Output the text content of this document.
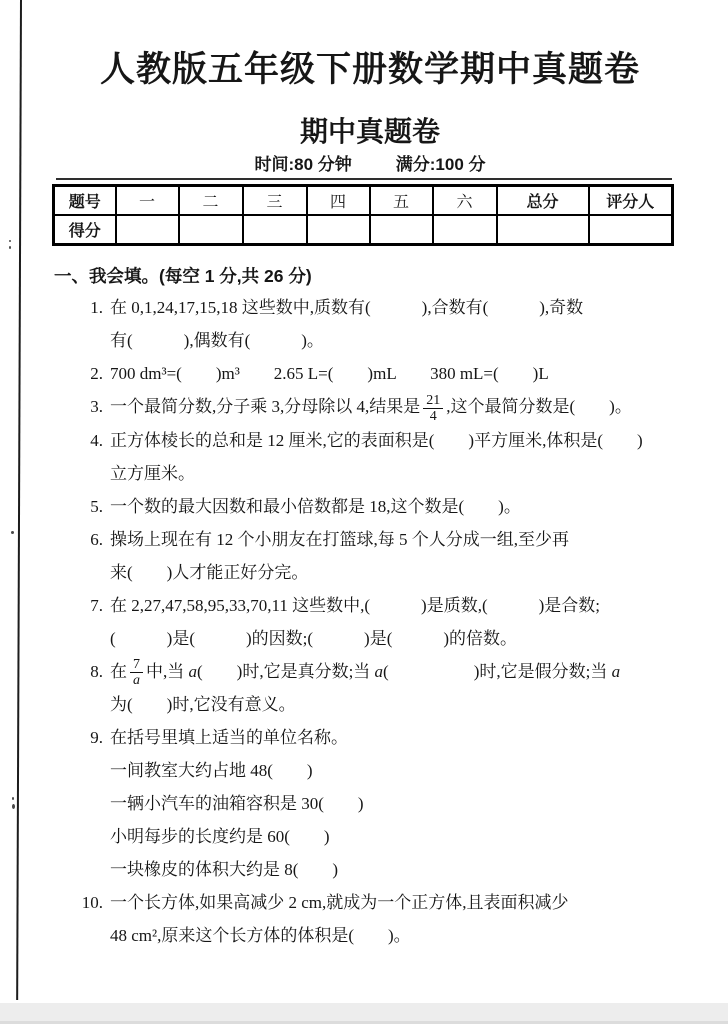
人教版五年级下册数学期中真题卷
期中真题卷
时间:80 分钟	满分:100 分
题号	一	二	三	四	五	六	总分	评分人
得分								
一、我会填。(每空 1 分,共 26 分)
1. 在 0,1,24,17,15,18 这些数中,质数有(　　　),合数有(　　　),奇数
有(　　　),偶数有(　　　)。
2. 700 dm³=(　　)m³　　2.65 L=(　　)mL　　380 mL=(　　)L
3. 一个最简分数,分子乘 3,分母除以 4,结果是 $\frac{21}{4}$ ,这个最简分数是(　　)。
4. 正方体棱长的总和是 12 厘米,它的表面积是(　　)平方厘米,体积是(　　)
立方厘米。
5. 一个数的最大因数和最小倍数都是 18,这个数是(　　)。
6. 操场上现在有 12 个小朋友在打篮球,每 5 个人分成一组,至少再
来(　　)人才能正好分完。
7. 在 2,27,47,58,95,33,70,11 这些数中,(　　　)是质数,(　　　)是合数;
(　　　)是(　　　)的因数;(　　　)是(　　　)的倍数。
8. 在 $\frac{7}{a}$ 中,当 a(　　)时,它是真分数;当 a(　　　　　)时,它是假分数;当 a
为(　　)时,它没有意义。
9. 在括号里填上适当的单位名称。
一间教室大约占地 48(　　)
一辆小汽车的油箱容积是 30(　　)
小明每步的长度约是 60(　　)
一块橡皮的体积大约是 8(　　)
10. 一个长方体,如果高减少 2 cm,就成为一个正方体,且表面积减少
48 cm²,原来这个长方体的体积是(　　)。
